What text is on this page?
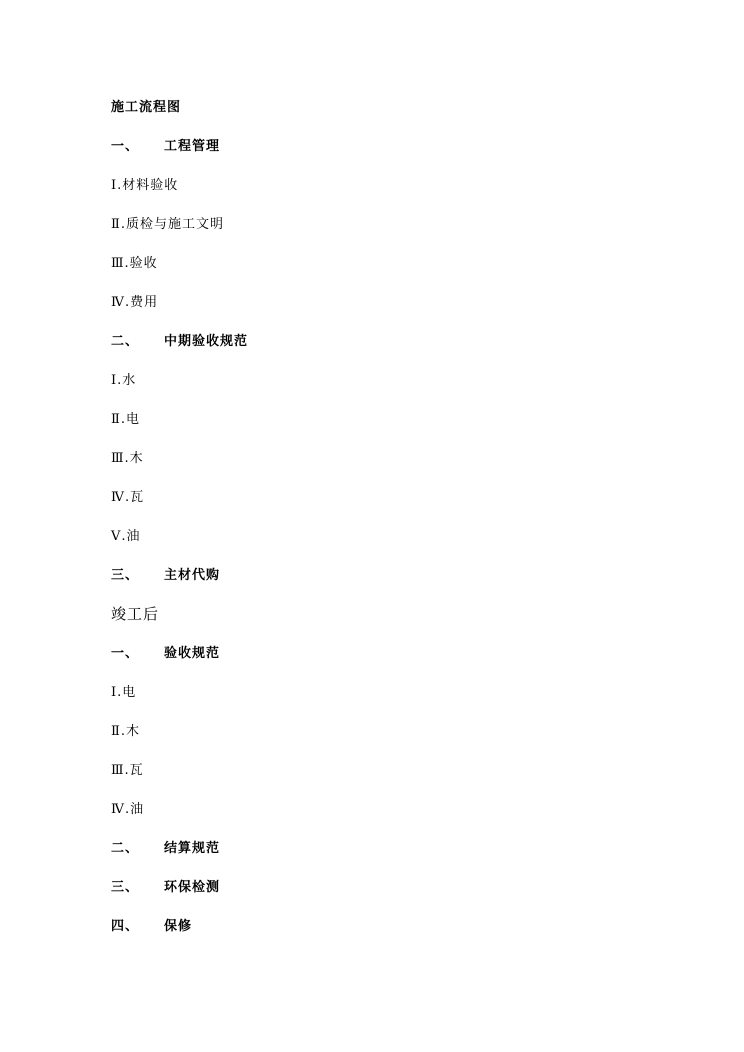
施工流程图
一、 工程管理
Ⅰ.材料验收
Ⅱ.质检与施工文明
Ⅲ.验收
Ⅳ.费用
二、 中期验收规范
Ⅰ.水
Ⅱ.电
Ⅲ.木
Ⅳ.瓦
Ⅴ.油
三、 主材代购
竣工后
一、 验收规范
Ⅰ.电
Ⅱ.木
Ⅲ.瓦
Ⅳ.油
二、 结算规范
三、 环保检测
四、 保修
